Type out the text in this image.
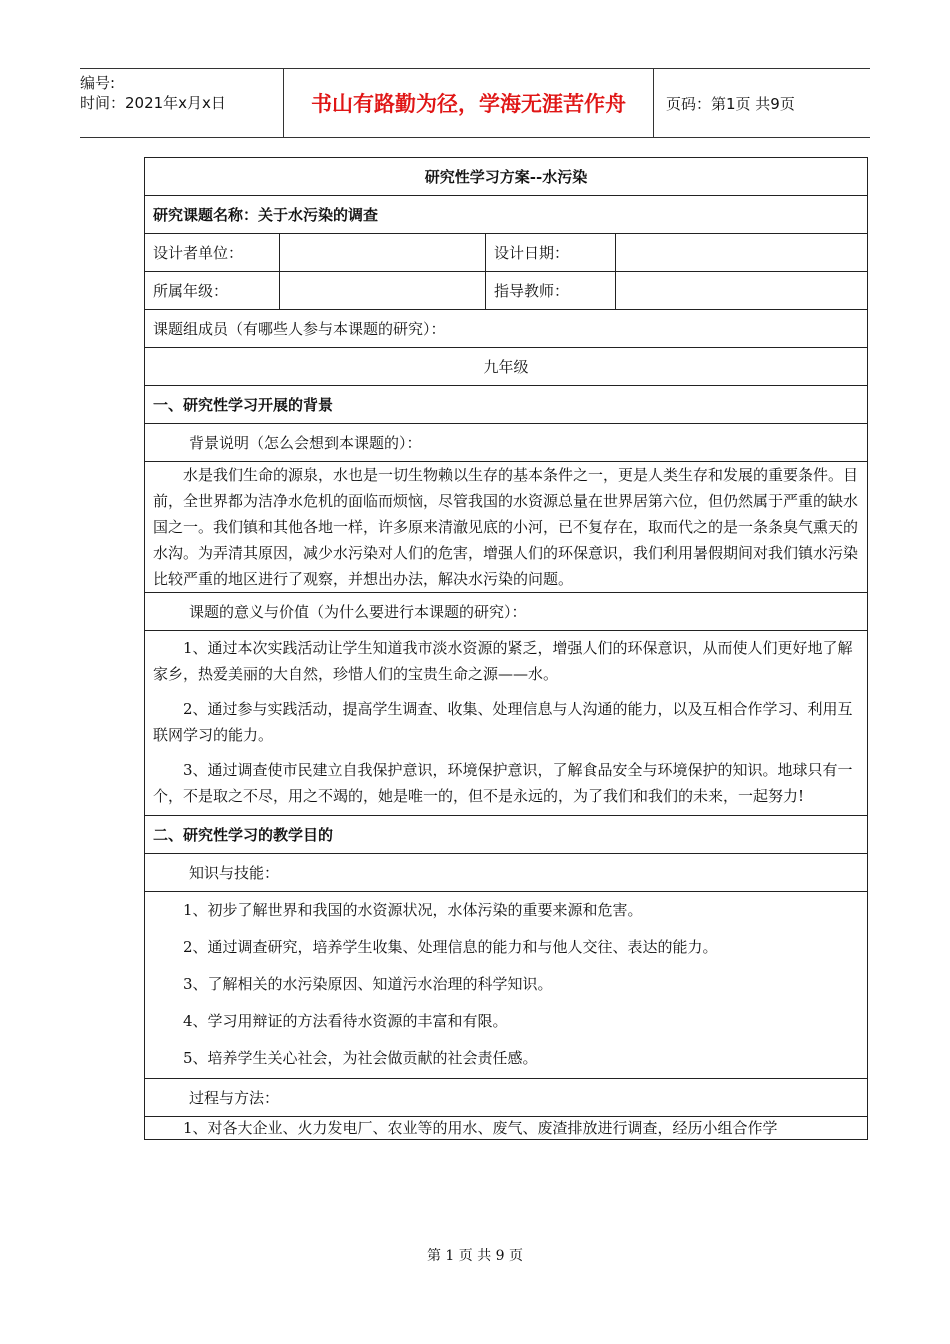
编号:
时间：2021年x月x日	书山有路勤为径，学海无涯苦作舟	页码：第1页 共9页
研究性学习方案--水污染			
研究课题名称：关于水污染的调查			
设计者单位：		设计日期：	
所属年级：		指导教师：	
课题组成员（有哪些人参与本课题的研究）：			
九年级			
一、研究性学习开展的背景			
背景说明（怎么会想到本课题的）：			

水是我们生命的源泉，水也是一切生物赖以生存的基本条件之一，更是人类生存和发展的重要条件。目前，全世界都为洁净水危机的面临而烦恼，尽管我国的水资源总量在世界居第六位，但仍然属于严重的缺水国之一。我们镇和其他各地一样，许多原来清澈见底的小河，已不复存在，取而代之的是一条条臭气熏天的水沟。为弄清其原因，减少水污染对人们的危害，增强人们的环保意识，我们利用暑假期间对我们镇水污染比较严重的地区进行了观察，并想出办法，解决水污染的问题。			

课题的意义与价值（为什么要进行本课题的研究）：			

1、通过本次实践活动让学生知道我市淡水资源的紧乏，增强人们的环保意识，从而使人们更好地了解家乡，热爱美丽的大自然，珍惜人们的宝贵生命之源——水。

2、通过参与实践活动，提高学生调查、收集、处理信息与人沟通的能力，以及互相合作学习、利用互联网学习的能力。

3、通过调查使市民建立自我保护意识，环境保护意识，了解食品安全与环境保护的知识。地球只有一个，不是取之不尽，用之不竭的，她是唯一的，但不是永远的，为了我们和我们的未来，一起努力!			

二、研究性学习的教学目的			
知识与技能：			

1、初步了解世界和我国的水资源状况，水体污染的重要来源和危害。

2、通过调查研究，培养学生收集、处理信息的能力和与他人交往、表达的能力。

3、了解相关的水污染原因、知道污水治理的科学知识。

4、学习用辩证的方法看待水资源的丰富和有限。

5、培养学生关心社会，为社会做贡献的社会责任感。			

过程与方法：			

1、对各大企业、火力发电厂、农业等的用水、废气、废渣排放进行调查，经历小组合作学			

第 1 页 共 9 页
